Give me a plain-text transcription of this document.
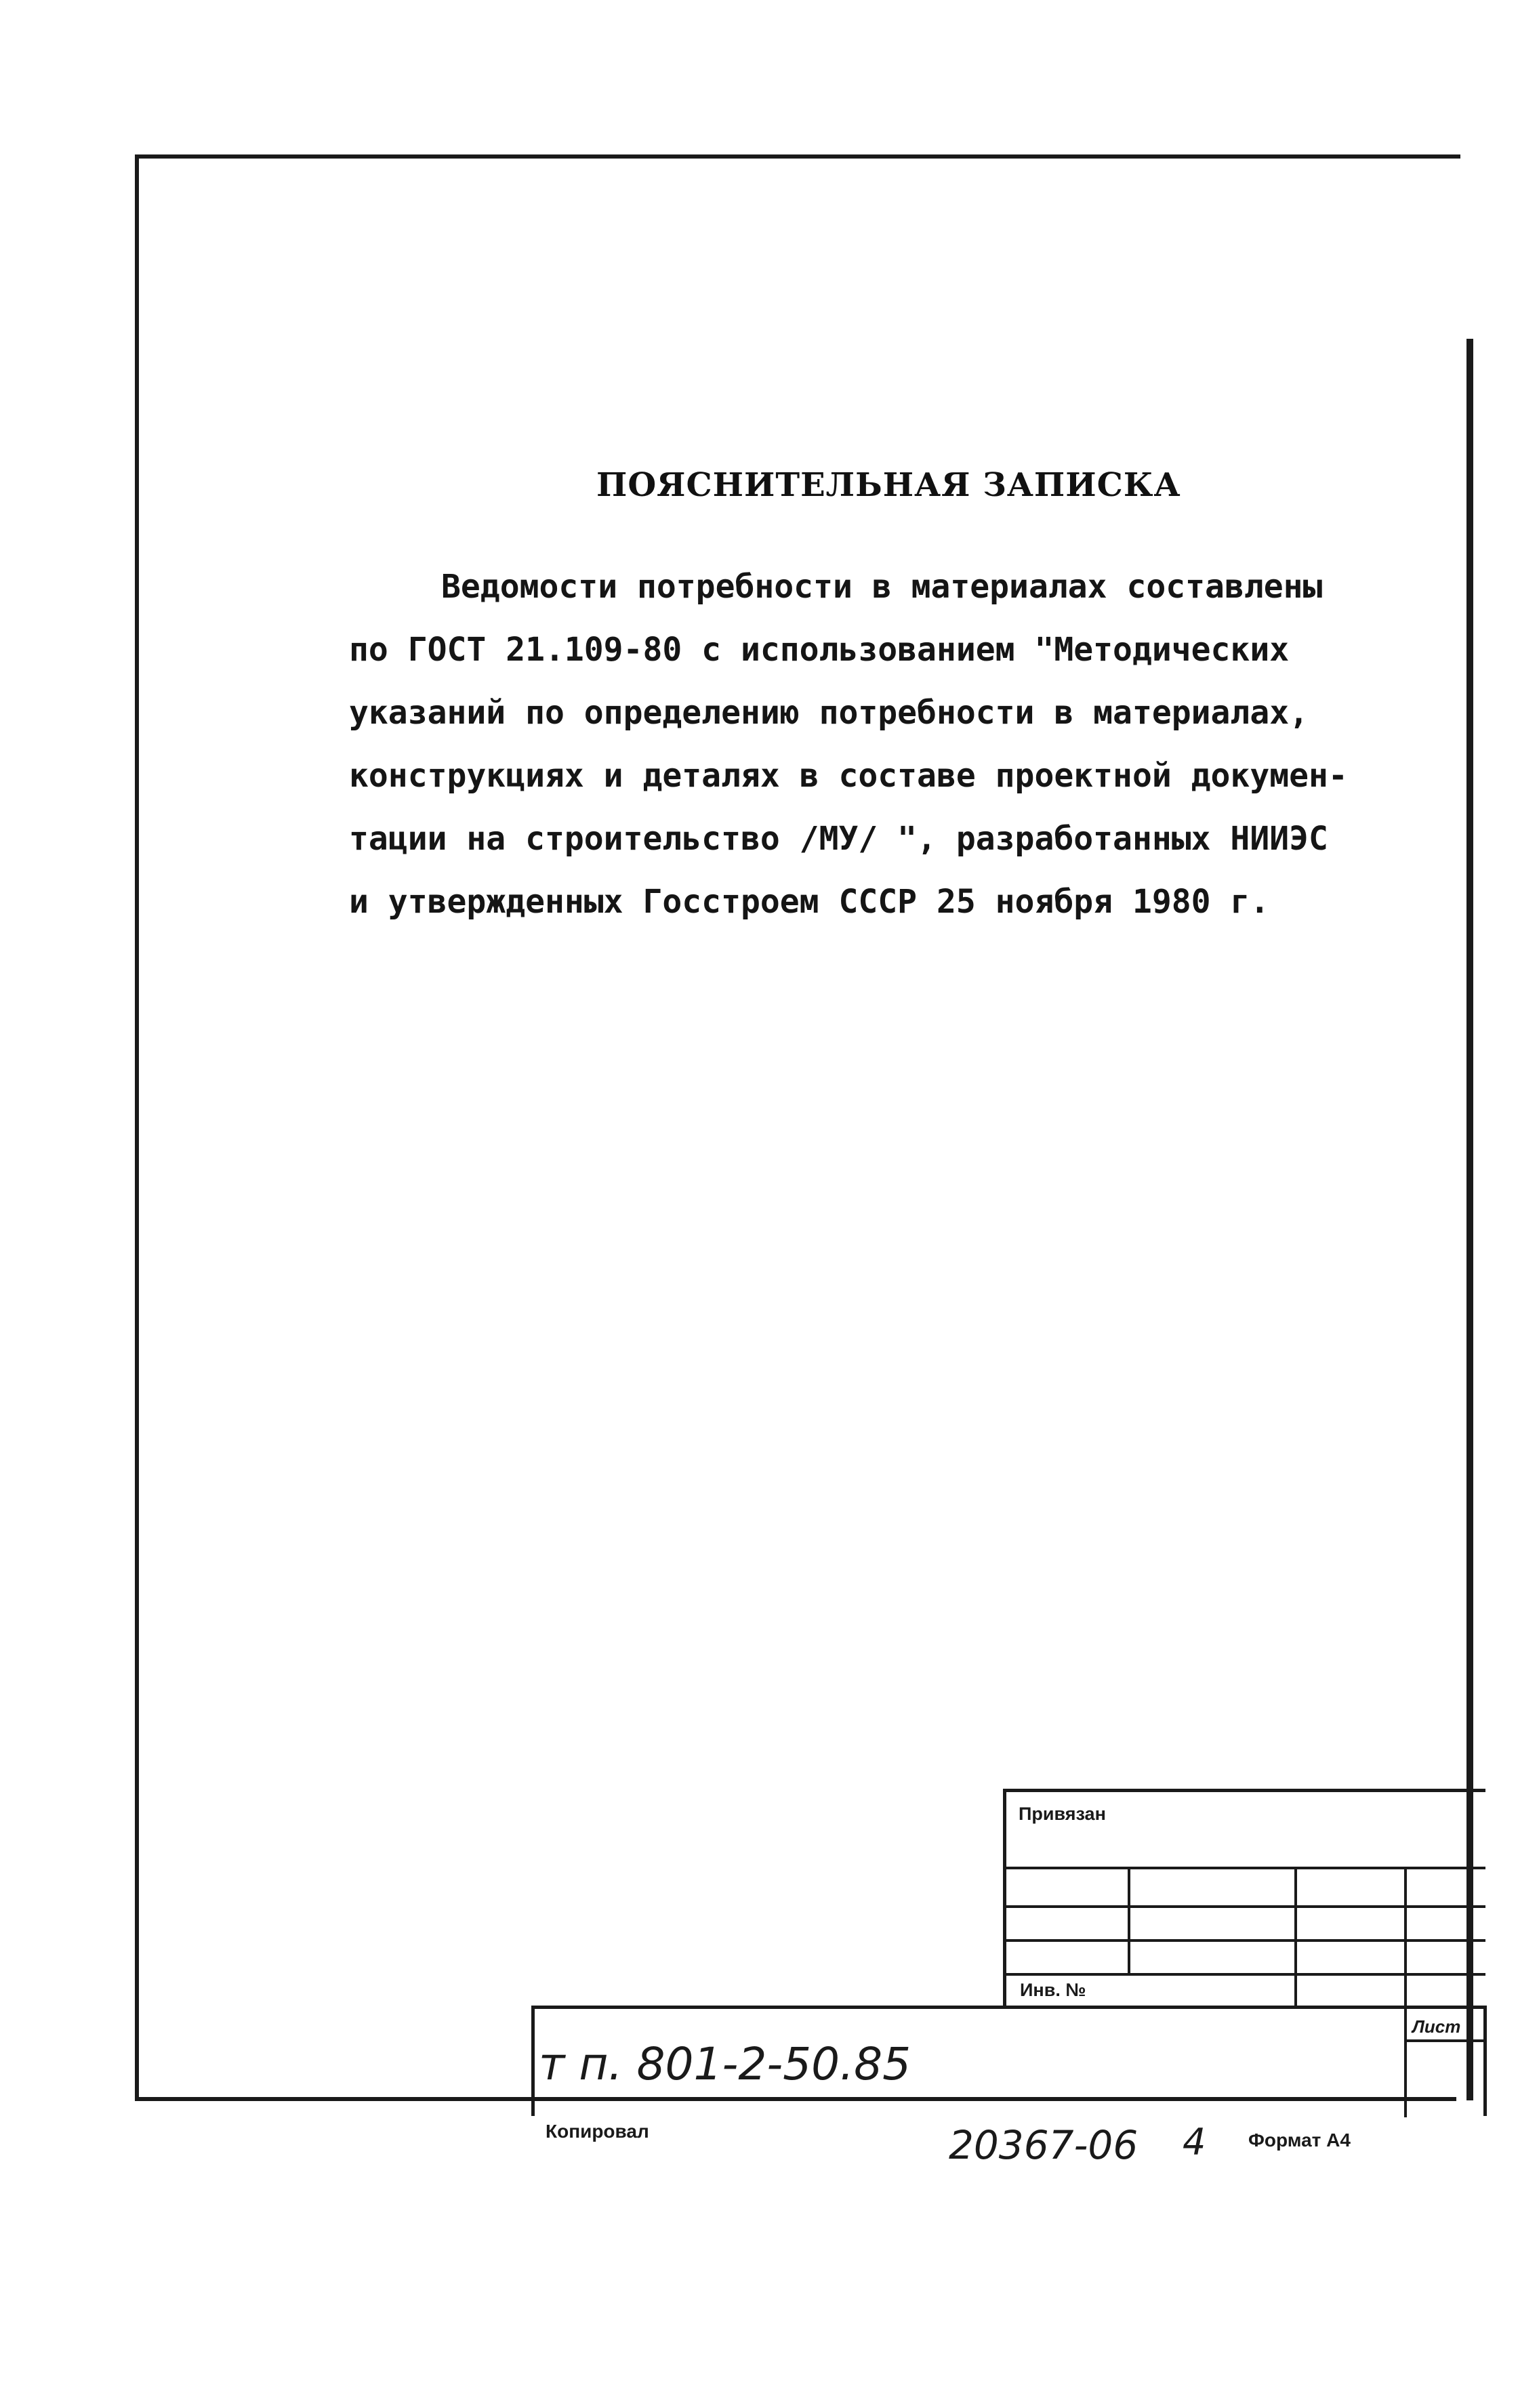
ПОЯСНИТЕЛЬНАЯ ЗАПИСКА
Ведомости потребности в материалах составлены
по ГОСТ 21.109-80 с использованием "Методических
указаний по определению потребности в материалах,
конструкциях и деталях в составе проектной докумен-
тации на строительство /МУ/ ", разработанных НИИЭС
и утвержденных Госстроем СССР 25 ноября 1980 г.
Привязан
Инв. №
Лист
т п. 801-2-50.85
Копировал	20367-06 4 Формат А4
